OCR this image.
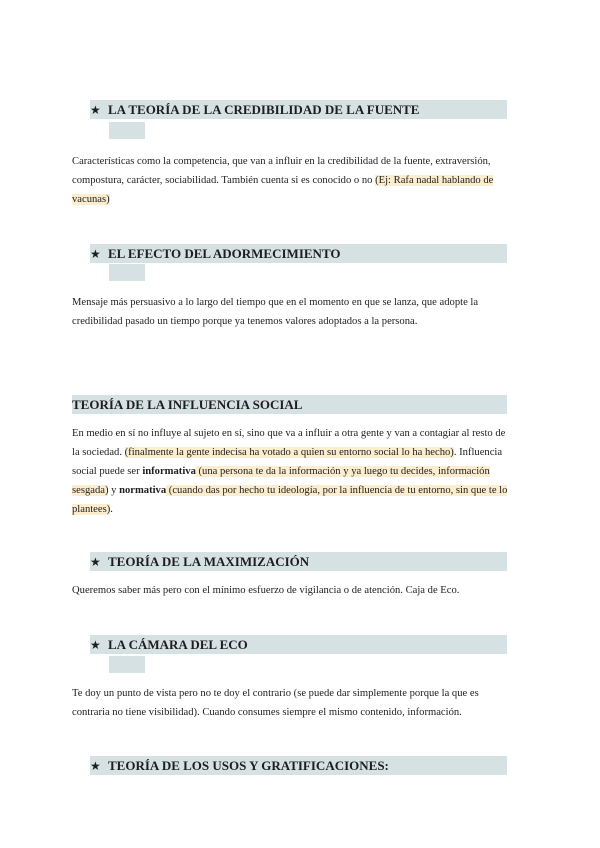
★ LA TEORÍA DE LA CREDIBILIDAD DE LA FUENTE

Características como la competencia, que van a influir en la credibilidad de la fuente, extraversión, compostura, carácter, sociabilidad. También cuenta si es conocido o no (Ej: Rafa nadal hablando de vacunas)

★ EL EFECTO DEL ADORMECIMIENTO

Mensaje más persuasivo a lo largo del tiempo que en el momento en que se lanza, que adopte la credibilidad pasado un tiempo porque ya tenemos valores adoptados a la persona.

TEORÍA DE LA INFLUENCIA SOCIAL

En medio en sí no influye al sujeto en sí, sino que va a influir a otra gente y van a contagiar al resto de la sociedad. (finalmente la gente indecisa ha votado a quien su entorno social lo ha hecho). Influencia social puede ser informativa (una persona te da la información y ya luego tu decides, información sesgada) y normativa (cuando das por hecho tu ideología, por la influencia de tu entorno, sin que te lo plantees).

★ TEORÍA DE LA MAXIMIZACIÓN

Queremos saber más pero con el mínimo esfuerzo de vigilancia o de atención. Caja de Eco.

★ LA CÁMARA DEL ECO

Te doy un punto de vista pero no te doy el contrario (se puede dar simplemente porque la que es contraria no tiene visibilidad). Cuando consumes siempre el mismo contenido, información.

★ TEORÍA DE LOS USOS Y GRATIFICACIONES:
